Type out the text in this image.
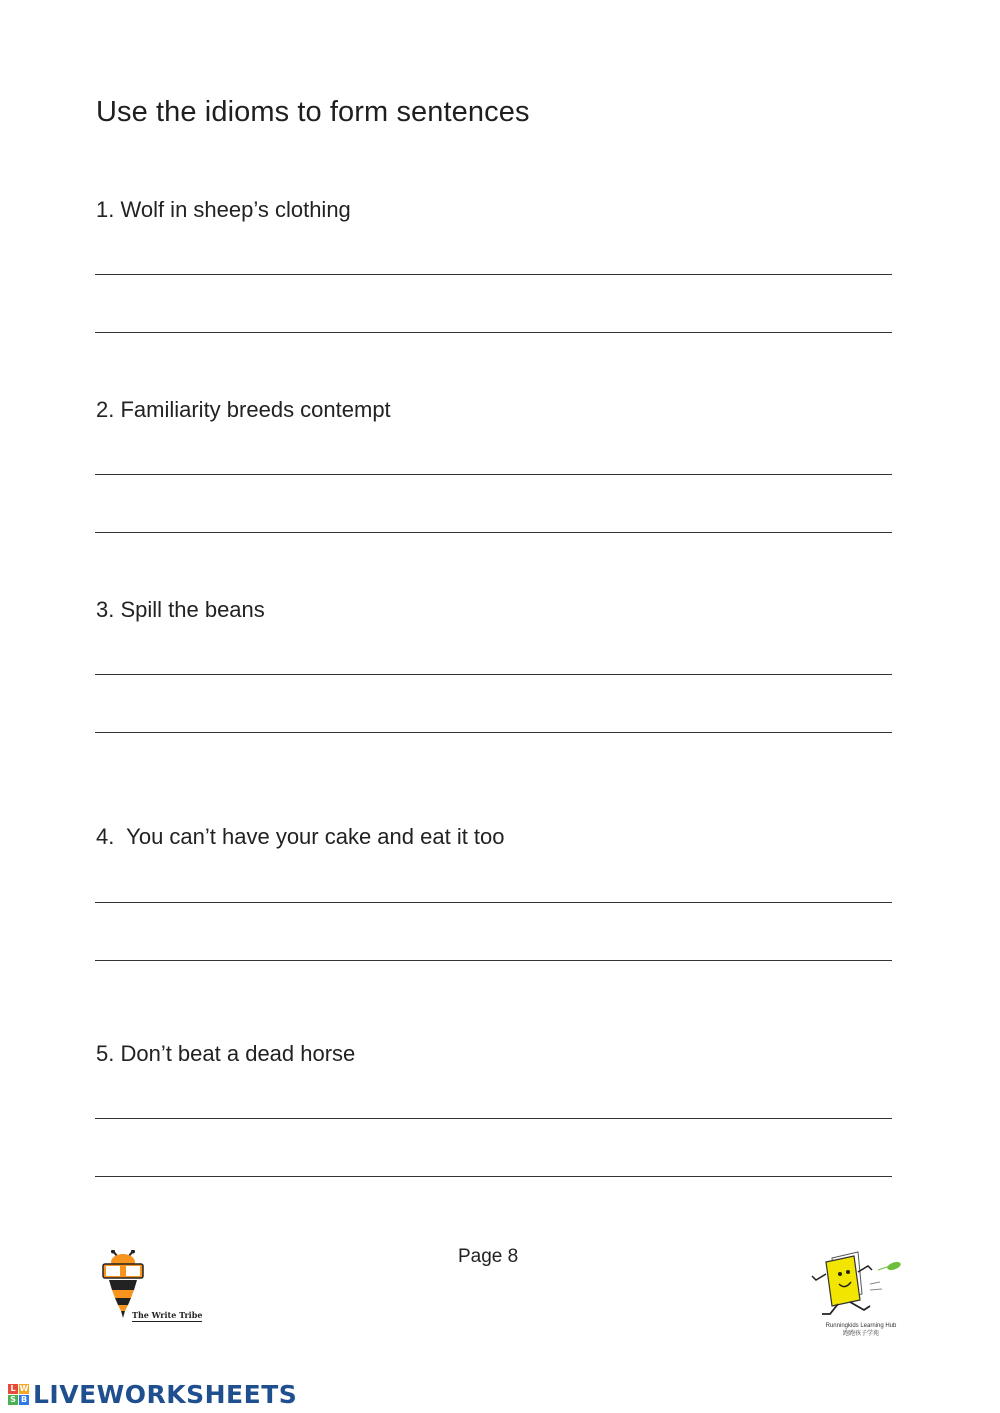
Use the idioms to form sentences
1. Wolf in sheep’s clothing
2. Familiarity breeds contempt
3. Spill the beans
4.  You can’t have your cake and eat it too
5. Don’t beat a dead horse
Page 8
The Write Tribe
Runningkids Learning Hub
跑跑孩子学苑
L W
S B LIVEWORKSHEETS
